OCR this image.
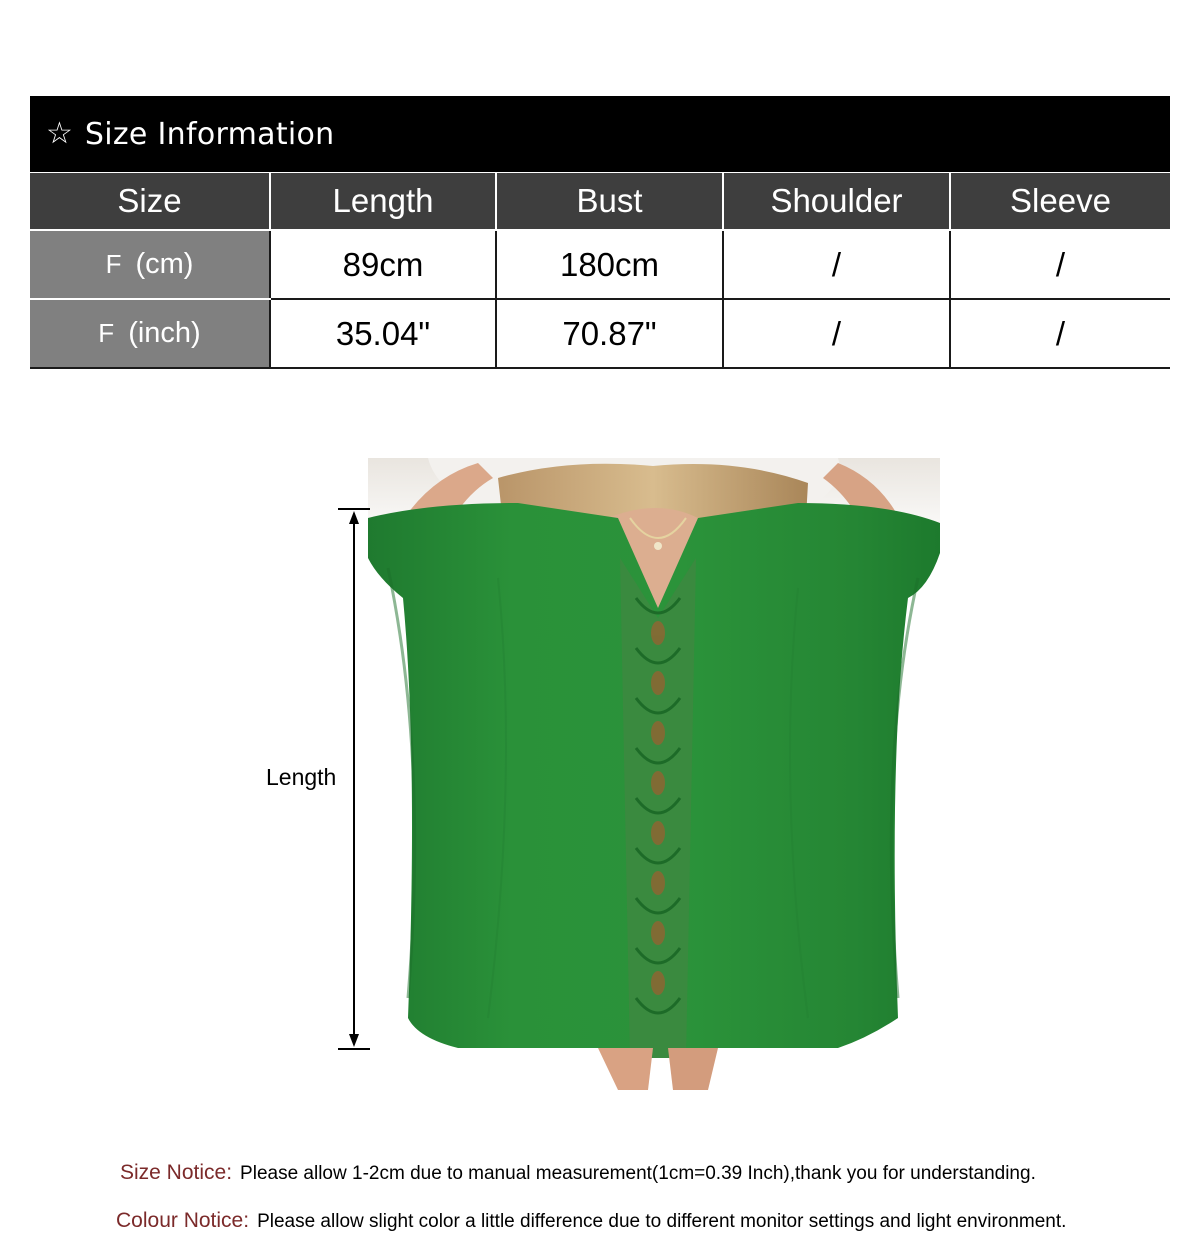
☆ Size Information
Size	Length	Bust	Shoulder	Sleeve
F (cm)	89cm	180cm	/	/
F (inch)	35.04"	70.87"	/	/
Length
Size Notice: Please allow 1-2cm due to manual measurement(1cm=0.39 Inch),thank you for understanding.
Colour Notice: Please allow slight color a little difference due to different monitor settings and light environment.
